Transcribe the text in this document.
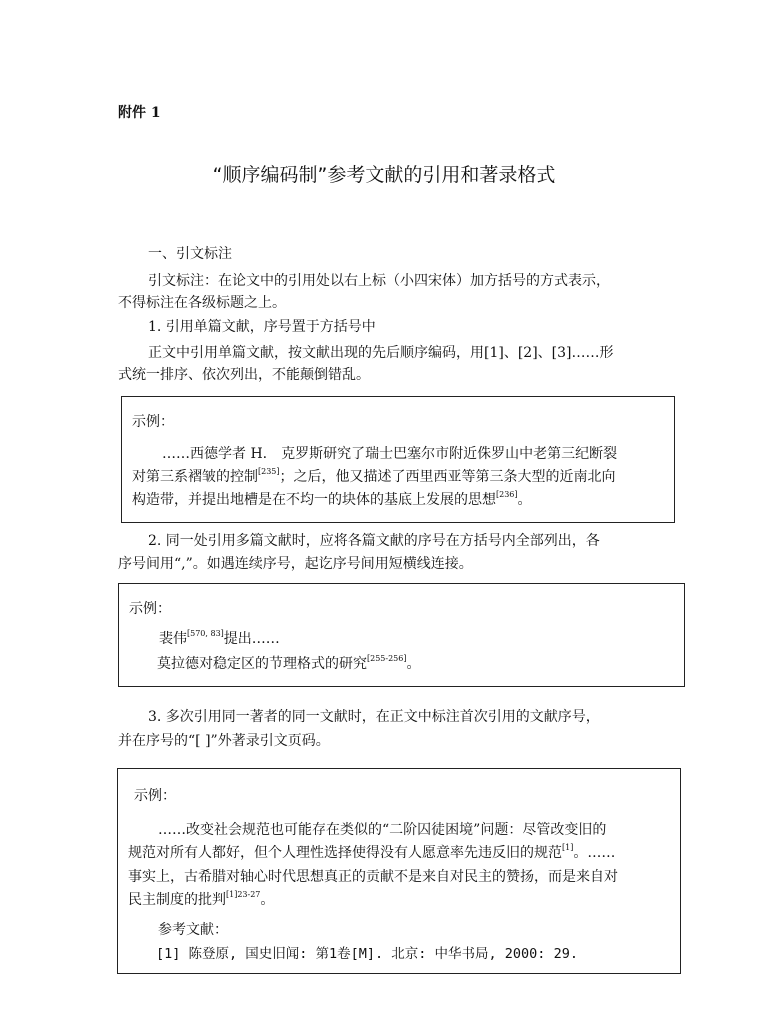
附件 1
“顺序编码制”参考文献的引用和著录格式
一、引文标注
引文标注：在论文中的引用处以右上标（小四宋体）加方括号的方式表示，
不得标注在各级标题之上。
1. 引用单篇文献，序号置于方括号中
正文中引用单篇文献，按文献出现的先后顺序编码，用[1]、[2]、[3]……形
式统一排序、依次列出，不能颠倒错乱。
示例：
……西德学者 H.　克罗斯研究了瑞士巴塞尔市附近侏罗山中老第三纪断裂
对第三系褶皱的控制[235]；之后，他又描述了西里西亚等第三条大型的近南北向
构造带，并提出地槽是在不均一的块体的基底上发展的思想[236]。
2. 同一处引用多篇文献时，应将各篇文献的序号在方括号内全部列出，各
序号间用“,”。如遇连续序号，起讫序号间用短横线连接。
示例：
裴伟[570, 83]提出……
莫拉德对稳定区的节理格式的研究[255-256]。
3. 多次引用同一著者的同一文献时，在正文中标注首次引用的文献序号，
并在序号的“[ ]”外著录引文页码。
示例：
……改变社会规范也可能存在类似的“二阶囚徒困境”问题：尽管改变旧的
规范对所有人都好，但个人理性选择使得没有人愿意率先违反旧的规范[1]。……
事实上，古希腊对轴心时代思想真正的贡献不是来自对民主的赞扬，而是来自对
民主制度的批判$^{[1]23-27}$。
参考文献：
[1] 陈登原, 国史旧闻: 第1卷[M]. 北京: 中华书局, 2000: 29.
